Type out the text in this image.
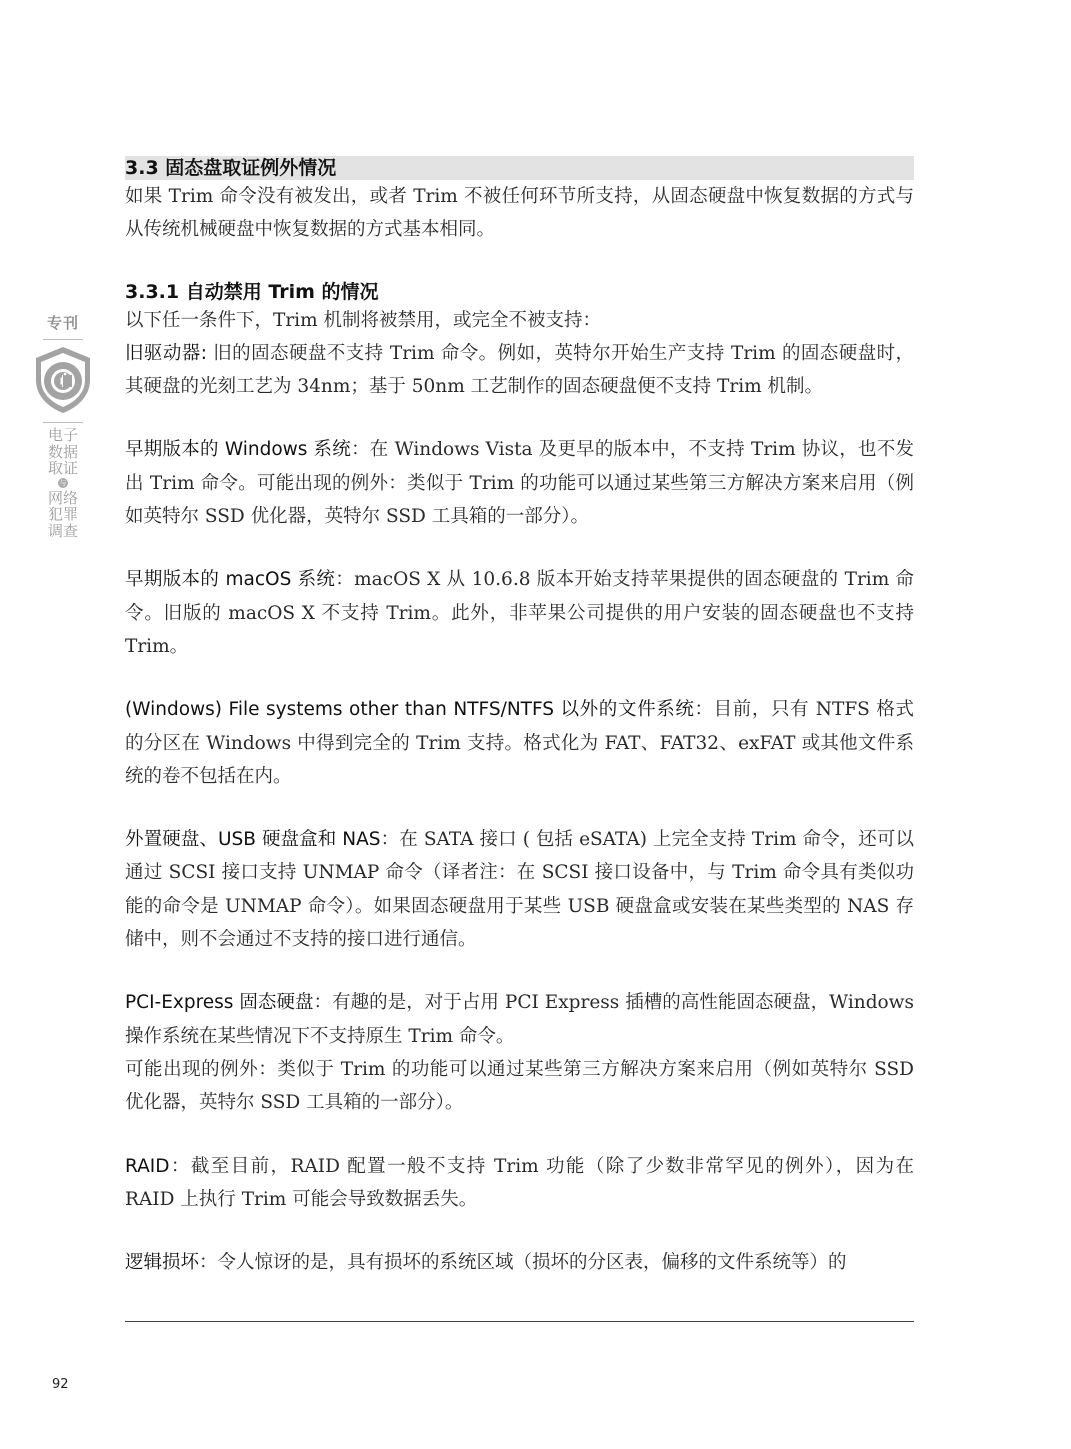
专刊
电子
数据
取证
与
网络
犯罪
调查
3.3 固态盘取证例外情况

如果 Trim 命令没有被发出，或者 Trim 不被任何环节所支持，从固态硬盘中恢复数据的方式与从传统机械硬盘中恢复数据的方式基本相同。

3.3.1 自动禁用 Trim 的情况

以下任一条件下，Trim 机制将被禁用，或完全不被支持：

旧驱动器: 旧的固态硬盘不支持 Trim 命令。例如，英特尔开始生产支持 Trim 的固态硬盘时，其硬盘的光刻工艺为 34nm；基于 50nm 工艺制作的固态硬盘便不支持 Trim 机制。

早期版本的 Windows 系统：在 Windows Vista 及更早的版本中，不支持 Trim 协议，也不发出 Trim 命令。可能出现的例外：类似于 Trim 的功能可以通过某些第三方解决方案来启用（例如英特尔 SSD 优化器，英特尔 SSD 工具箱的一部分）。

早期版本的 macOS 系统：macOS X 从 10.6.8 版本开始支持苹果提供的固态硬盘的 Trim 命令。旧版的 macOS X 不支持 Trim。此外，非苹果公司提供的用户安装的固态硬盘也不支持 Trim。

(Windows) File systems other than NTFS/NTFS 以外的文件系统：目前，只有 NTFS 格式的分区在 Windows 中得到完全的 Trim 支持。格式化为 FAT、FAT32、exFAT 或其他文件系统的卷不包括在内。

外置硬盘、USB 硬盘盒和 NAS：在 SATA 接口 ( 包括 eSATA) 上完全支持 Trim 命令，还可以通过 SCSI 接口支持 UNMAP 命令（译者注：在 SCSI 接口设备中，与 Trim 命令具有类似功能的命令是 UNMAP 命令）。如果固态硬盘用于某些 USB 硬盘盒或安装在某些类型的 NAS 存储中，则不会通过不支持的接口进行通信。

PCI-Express 固态硬盘：有趣的是，对于占用 PCI Express 插槽的高性能固态硬盘，Windows 操作系统在某些情况下不支持原生 Trim 命令。

可能出现的例外：类似于 Trim 的功能可以通过某些第三方解决方案来启用（例如英特尔 SSD 优化器，英特尔 SSD 工具箱的一部分）。

RAID：截至目前，RAID 配置一般不支持 Trim 功能（除了少数非常罕见的例外），因为在 RAID 上执行 Trim 可能会导致数据丢失。

逻辑损坏：令人惊讶的是，具有损坏的系统区域（损坏的分区表，偏移的文件系统等）的

92
